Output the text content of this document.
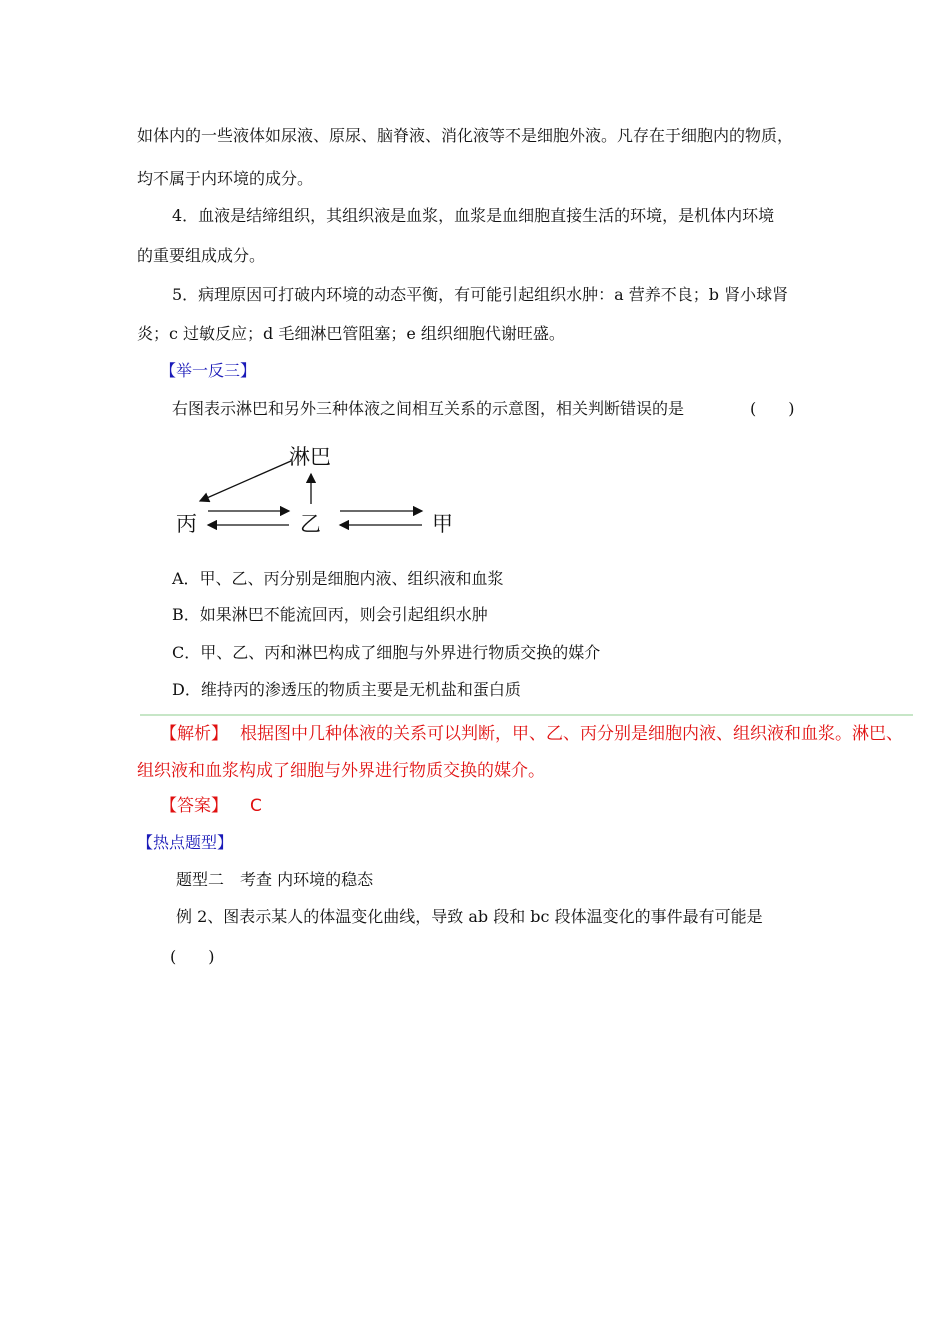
如体内的一些液体如尿液、原尿、脑脊液、消化液等不是细胞外液。凡存在于细胞内的物质，
均不属于内环境的成分。
4．血液是结缔组织，其组织液是血浆，血浆是血细胞直接生活的环境，是机体内环境
的重要组成成分。
5．病理原因可打破内环境的动态平衡，有可能引起组织水肿：a 营养不良；b 肾小球肾
炎；c 过敏反应；d 毛细淋巴管阻塞；e 组织细胞代谢旺盛。
【举一反三】
右图表示淋巴和另外三种体液之间相互关系的示意图，相关判断错误的是	(　　)
淋巴
丙	乙	甲
A．甲、乙、丙分别是细胞内液、组织液和血浆
B．如果淋巴不能流回丙，则会引起组织水肿
C．甲、乙、丙和淋巴构成了细胞与外界进行物质交换的媒介
D．维持丙的渗透压的物质主要是无机盐和蛋白质
【解析】 根据图中几种体液的关系可以判断，甲、乙、丙分别是细胞内液、组织液和血浆。淋巴、
组织液和血浆构成了细胞与外界进行物质交换的媒介。
【答案】 C
【热点题型】
题型二　考查 内环境的稳态
例 2、图表示某人的体温变化曲线，导致 ab 段和 bc 段体温变化的事件最有可能是
(　　)
